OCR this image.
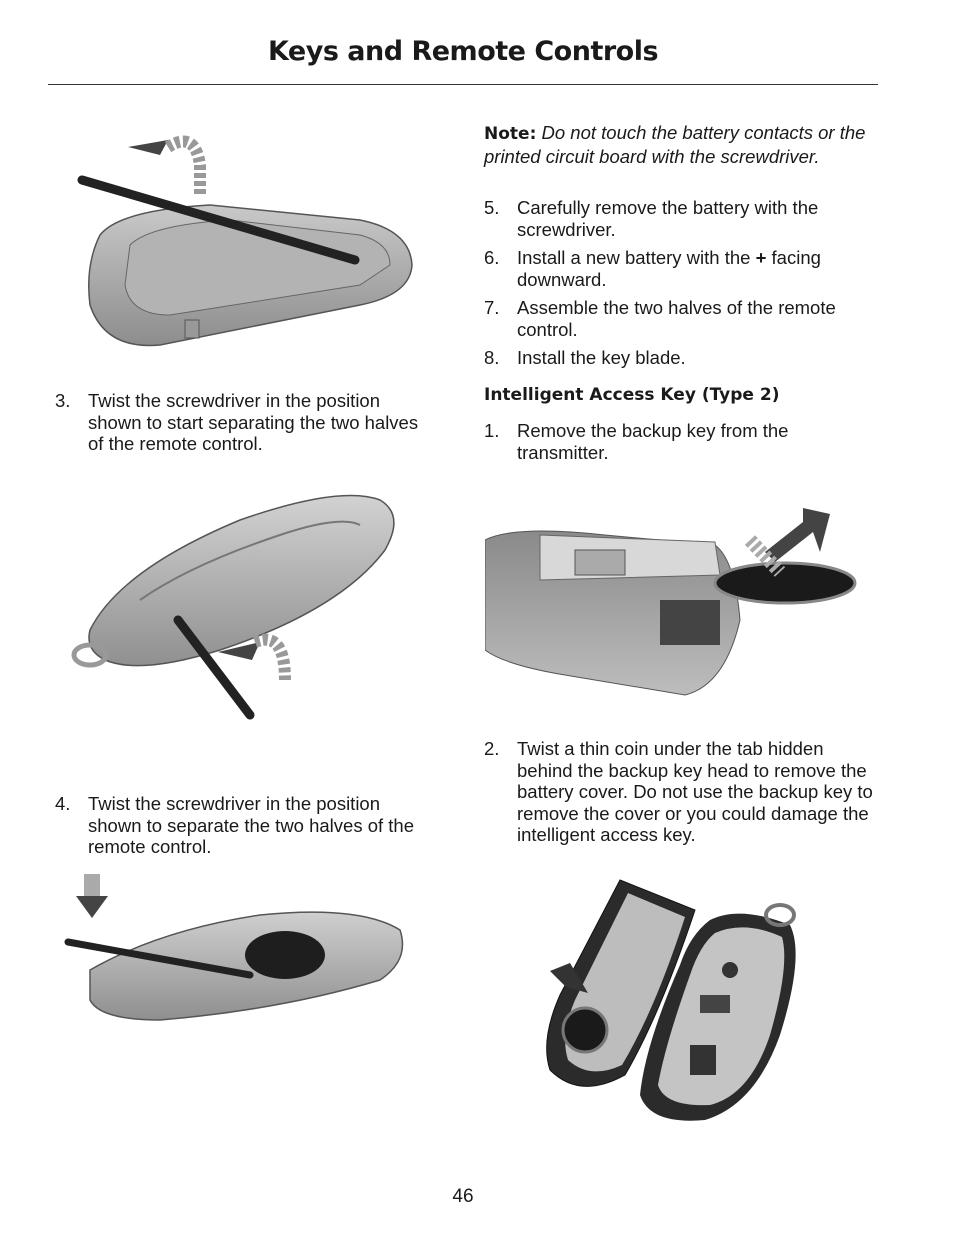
Keys and Remote Controls
3. Twist the screwdriver in the position shown to start separating the two halves of the remote control.
4. Twist the screwdriver in the position shown to separate the two halves of the remote control.
Note: Do not touch the battery contacts or the printed circuit board with the screwdriver.
5. Carefully remove the battery with the screwdriver.
6. Install a new battery with the + facing downward.
7. Assemble the two halves of the remote control.
8. Install the key blade.
Intelligent Access Key (Type 2)
1. Remove the backup key from the transmitter.
2. Twist a thin coin under the tab hidden behind the backup key head to remove the battery cover. Do not use the backup key to remove the cover or you could damage the intelligent access key.
46
